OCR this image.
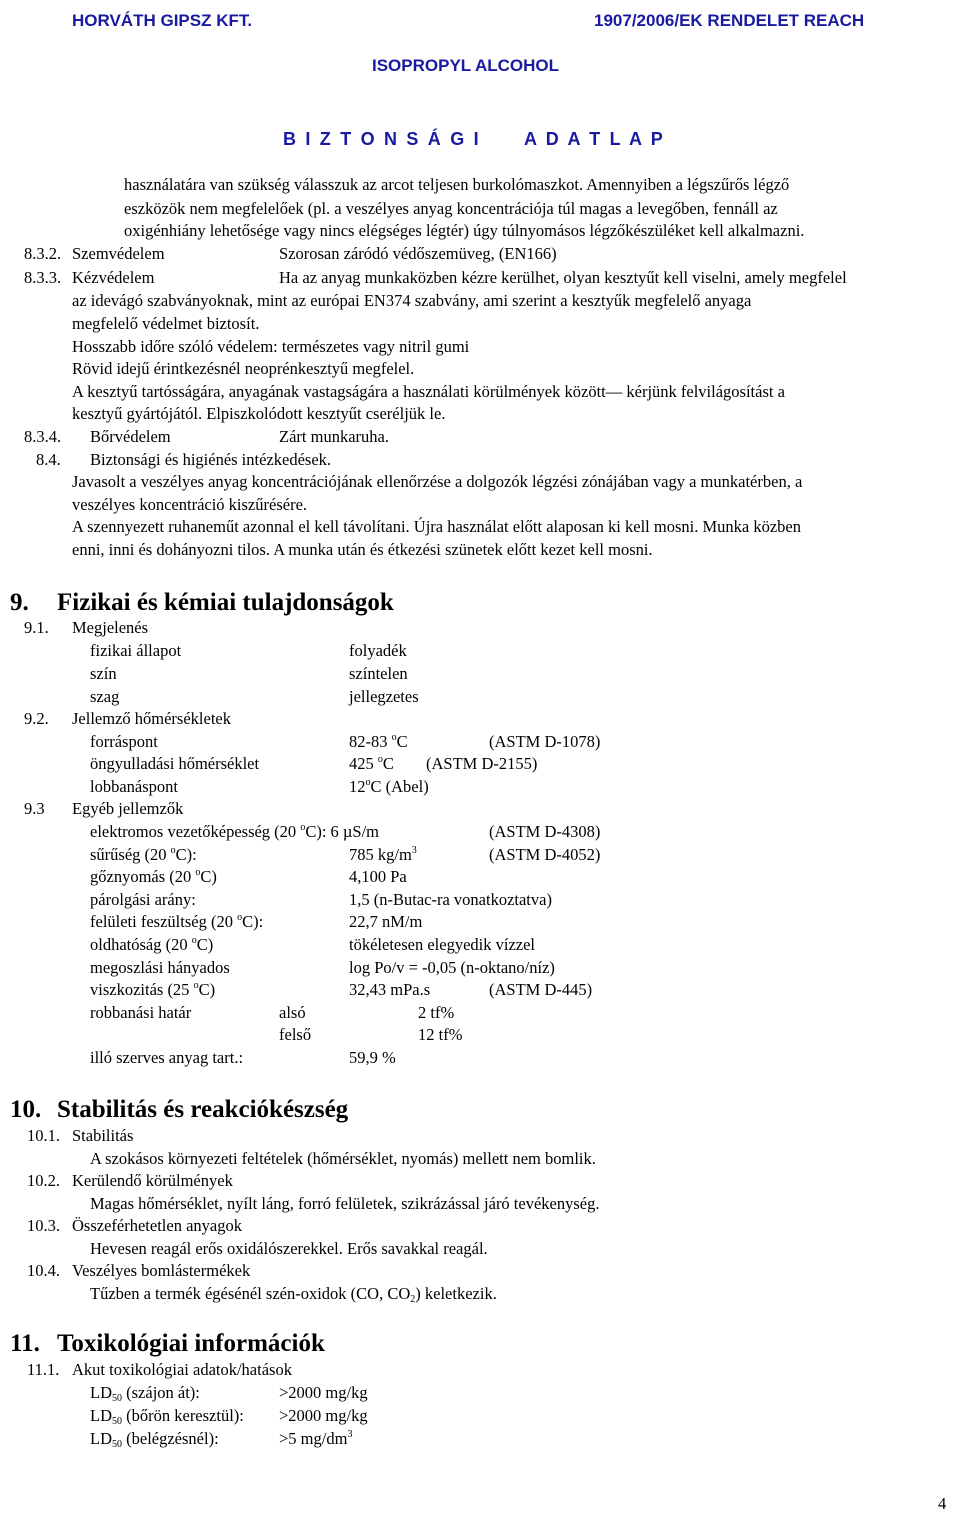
HORVÁTH GIPSZ KFT.	1907/2006/EK RENDELET REACH
ISOPROPYL ALCOHOL
B I Z T O N S Á G I A D A T L A P
használatára van szükség válasszuk az arcot teljesen burkolómaszkot. Amennyiben a légszűrős légző
eszközök nem megfelelőek (pl. a veszélyes anyag koncentrációja túl magas a levegőben, fennáll az
oxigénhiány lehetősége vagy nincs elégséges légtér) úgy túlnyomásos légzőkészüléket kell alkalmazni.
8.3.2. Szemvédelem	Szorosan záródó védőszemüveg, (EN166)
8.3.3. Kézvédelem	Ha az anyag munkaközben kézre kerülhet, olyan kesztyűt kell viselni, amely megfelel
az idevágó szabványoknak, mint az európai EN374 szabvány, ami szerint a kesztyűk megfelelő anyaga
megfelelő védelmet biztosít.
Hosszabb időre szóló védelem: természetes vagy nitril gumi
Rövid idejű érintkezésnél neoprénkesztyű megfelel.
A kesztyű tartósságára, anyagának vastagságára a használati körülmények között— kérjünk felvilágosítást a
kesztyű gyártójától. Elpiszkolódott kesztyűt cseréljük le.
8.3.4. Bőrvédelem	Zárt munkaruha.
8.4. Biztonsági és higiénés intézkedések.
Javasolt a veszélyes anyag koncentrációjának ellenőrzése a dolgozók légzési zónájában vagy a munkatérben, a
veszélyes koncentráció kiszűrésére.
A szennyezett ruhaneműt azonnal el kell távolítani. Újra használat előtt alaposan ki kell mosni. Munka közben
enni, inni és dohányozni tilos. A munka után és étkezési szünetek előtt kezet kell mosni.
9. Fizikai és kémiai tulajdonságok
9.1. Megjelenés
fizikai állapot	folyadék
szín	színtelen
szag	jellegzetes
9.2. Jellemző hőmérsékletek
forráspont	82-83 $^o$C	(ASTM D-1078)
öngyulladási hőmérséklet	425 $^o$C (ASTM D-2155)
lobbanáspont	12$^o$C (Abel)
9.3 Egyéb jellemzők
elektromos vezetőképesség (20 $^o$C): 6 µS/m	(ASTM D-4308)
sűrűség (20 $^o$C):	785 $kg/m^3$	(ASTM D-4052)
gőznyomás (20 $^o$C)	4,100 Pa
párolgási arány:	1,5 (n-Butac-ra vonatkoztatva)
felületi feszültség (20 $^o$C):	22,7 nM/m
oldhatóság (20 $^o$C)	tökéletesen elegyedik vízzel
megoszlási hányados	log Po/v = -0,05 (n-oktano/níz)
viszkozitás (25 $^o$C)	32,43 mPa.s	(ASTM D-445)
robbanási határ	alsó	2 tf%
felső	12 tf%
illó szerves anyag tart.:	59,9 %
10. Stabilitás és reakciókészség
10.1. Stabilitás
A szokásos környezeti feltételek (hőmérséklet, nyomás) mellett nem bomlik.
10.2. Kerülendő körülmények
Magas hőmérséklet, nyílt láng, forró felületek, szikrázással járó tevékenység.
10.3. Összeférhetetlen anyagok
Hevesen reagál erős oxidálószerekkel. Erős savakkal reagál.
10.4. Veszélyes bomlástermékek
Tűzben a termék égésénél szén-oxidok (CO, $CO_2$) keletkezik.
11. Toxikológiai információk
11.1. Akut toxikológiai adatok/hatások
$LD_{50}$ (szájon át):	>2000 mg/kg
$LD_{50}$ (bőrön keresztül): >2000 mg/kg
$LD_{50}$ (belégzésnél):	>5 $mg/dm^3$
4
